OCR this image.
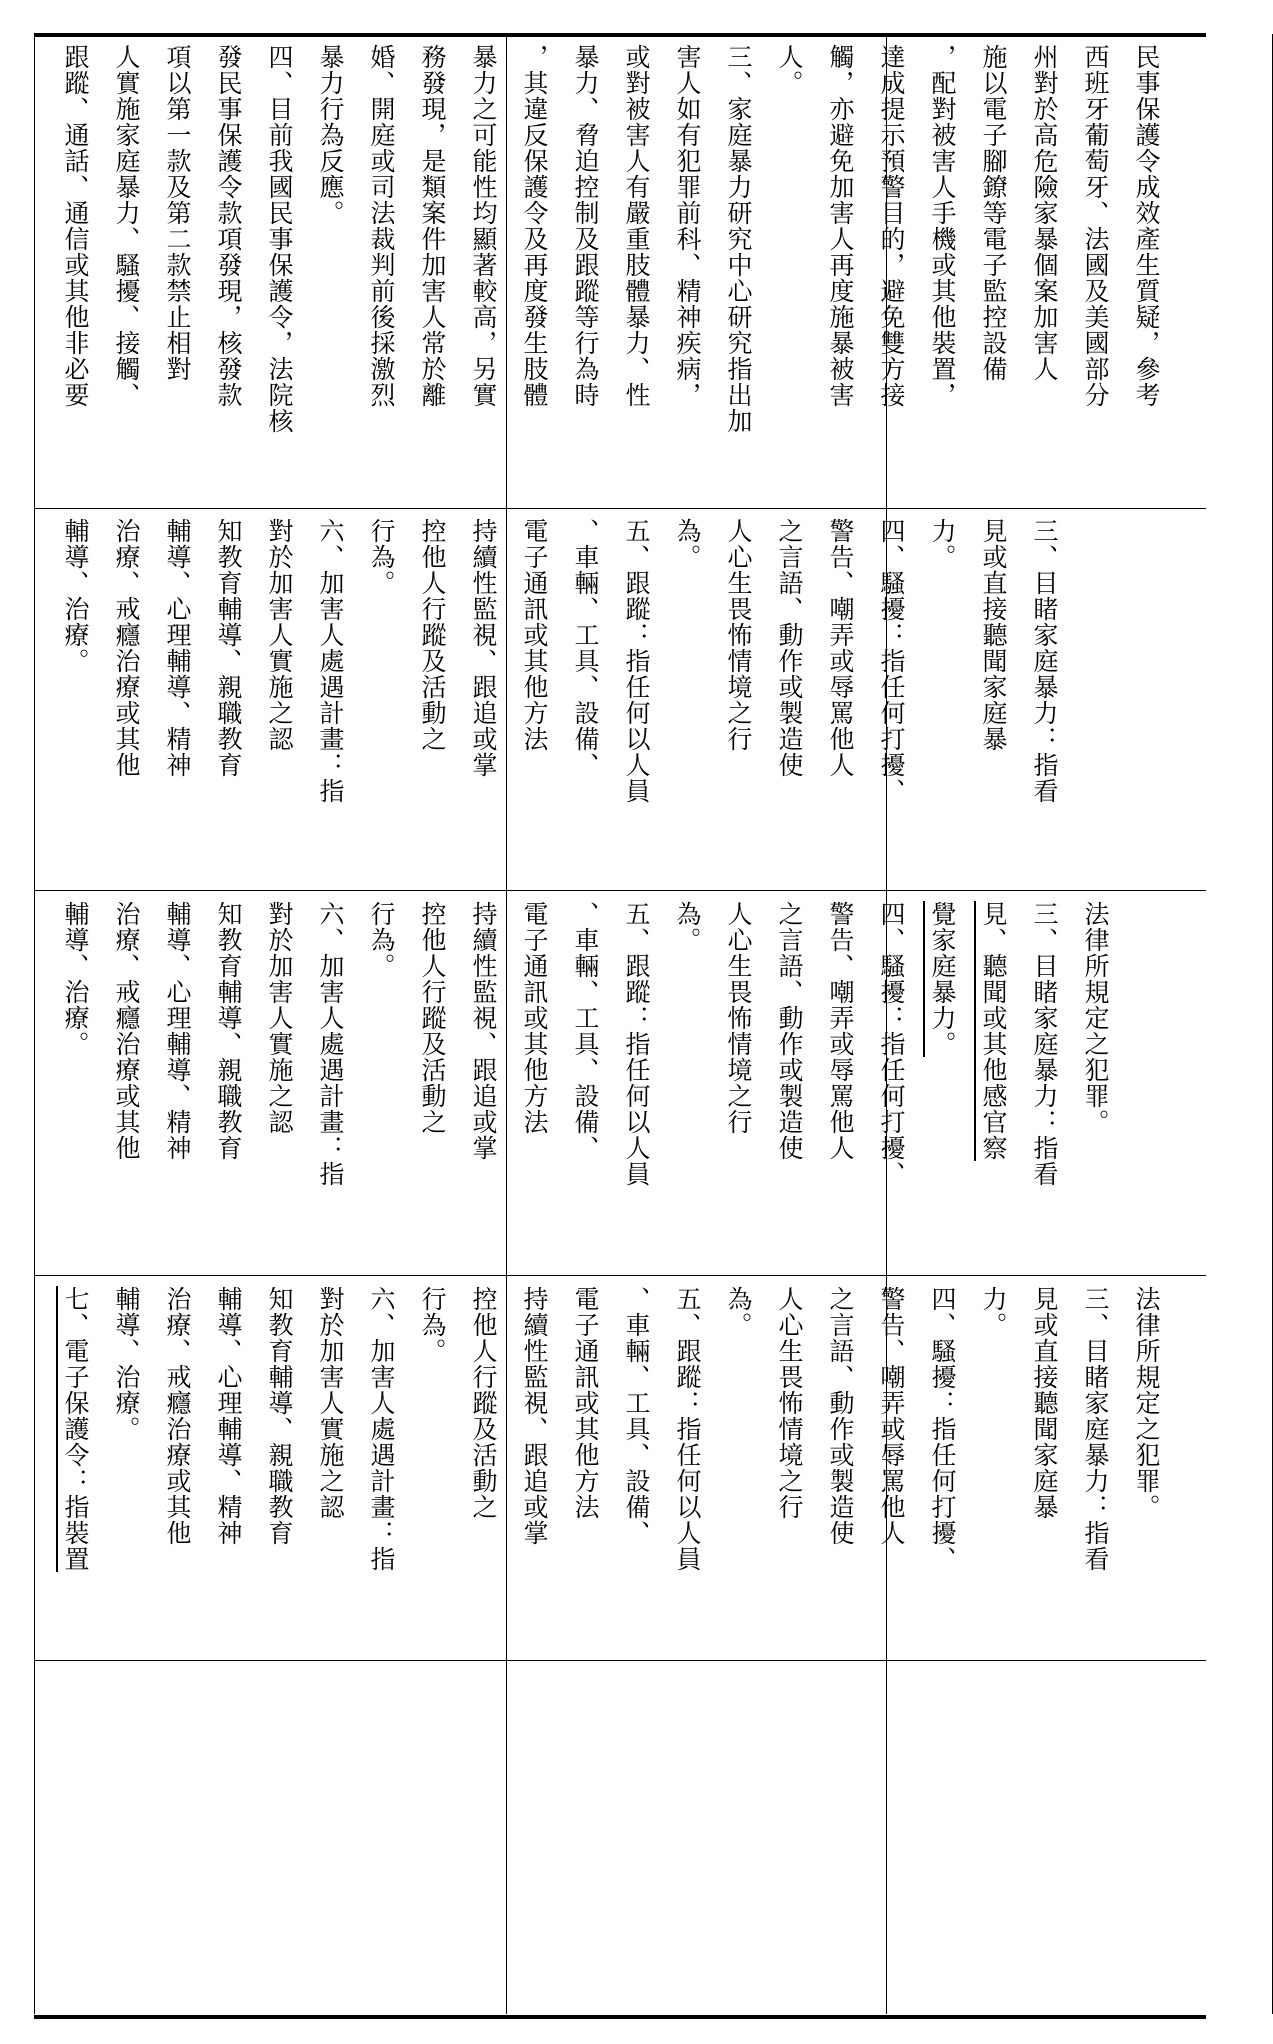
民事保護令成效產生質疑，參考
西班牙葡萄牙、法國及美國部分
州對於高危險家暴個案加害人
施以電子腳鐐等電子監控設備
，配對被害人手機或其他裝置，
達成提示預警目的，避免雙方接
觸，亦避免加害人再度施暴被害
人。
三、家庭暴力研究中心研究指出加
害人如有犯罪前科、精神疾病，
或對被害人有嚴重肢體暴力、性
暴力、脅迫控制及跟蹤等行為時
，其違反保護令及再度發生肢體
暴力之可能性均顯著較高，另實
務發現，是類案件加害人常於離
婚、開庭或司法裁判前後採激烈
暴力行為反應。
四、目前我國民事保護令，法院核
發民事保護令款項發現，核發款
項以第一款及第二款禁止相對
人實施家庭暴力、騷擾、接觸、
跟蹤、通話、通信或其他非必要
三、目睹家庭暴力：指看
見或直接聽聞家庭暴
力。
四、騷擾：指任何打擾、
警告、嘲弄或辱罵他人
之言語、動作或製造使
人心生畏怖情境之行
為。
五、跟蹤：指任何以人員
、車輛、工具、設備、
電子通訊或其他方法
持續性監視、跟追或掌
控他人行蹤及活動之
行為。
六、加害人處遇計畫：指
對於加害人實施之認
知教育輔導、親職教育
輔導、心理輔導、精神
治療、戒癮治療或其他
輔導、治療。
法律所規定之犯罪。
三、目睹家庭暴力：指看
見、聽聞或其他感官察
覺家庭暴力。
四、騷擾：指任何打擾、
警告、嘲弄或辱罵他人
之言語、動作或製造使
人心生畏怖情境之行
為。
五、跟蹤：指任何以人員
、車輛、工具、設備、
電子通訊或其他方法
持續性監視、跟追或掌
控他人行蹤及活動之
行為。
六、加害人處遇計畫：指
對於加害人實施之認
知教育輔導、親職教育
輔導、心理輔導、精神
治療、戒癮治療或其他
輔導、治療。
法律所規定之犯罪。
三、目睹家庭暴力：指看
見或直接聽聞家庭暴
力。
四、騷擾：指任何打擾、
警告、嘲弄或辱罵他人
之言語、動作或製造使
人心生畏怖情境之行
為。
五、跟蹤：指任何以人員
、車輛、工具、設備、
電子通訊或其他方法
持續性監視、跟追或掌
控他人行蹤及活動之
行為。
六、加害人處遇計畫：指
對於加害人實施之認
知教育輔導、親職教育
輔導、心理輔導、精神
治療、戒癮治療或其他
輔導、治療。
七、電子保護令：指裝置
